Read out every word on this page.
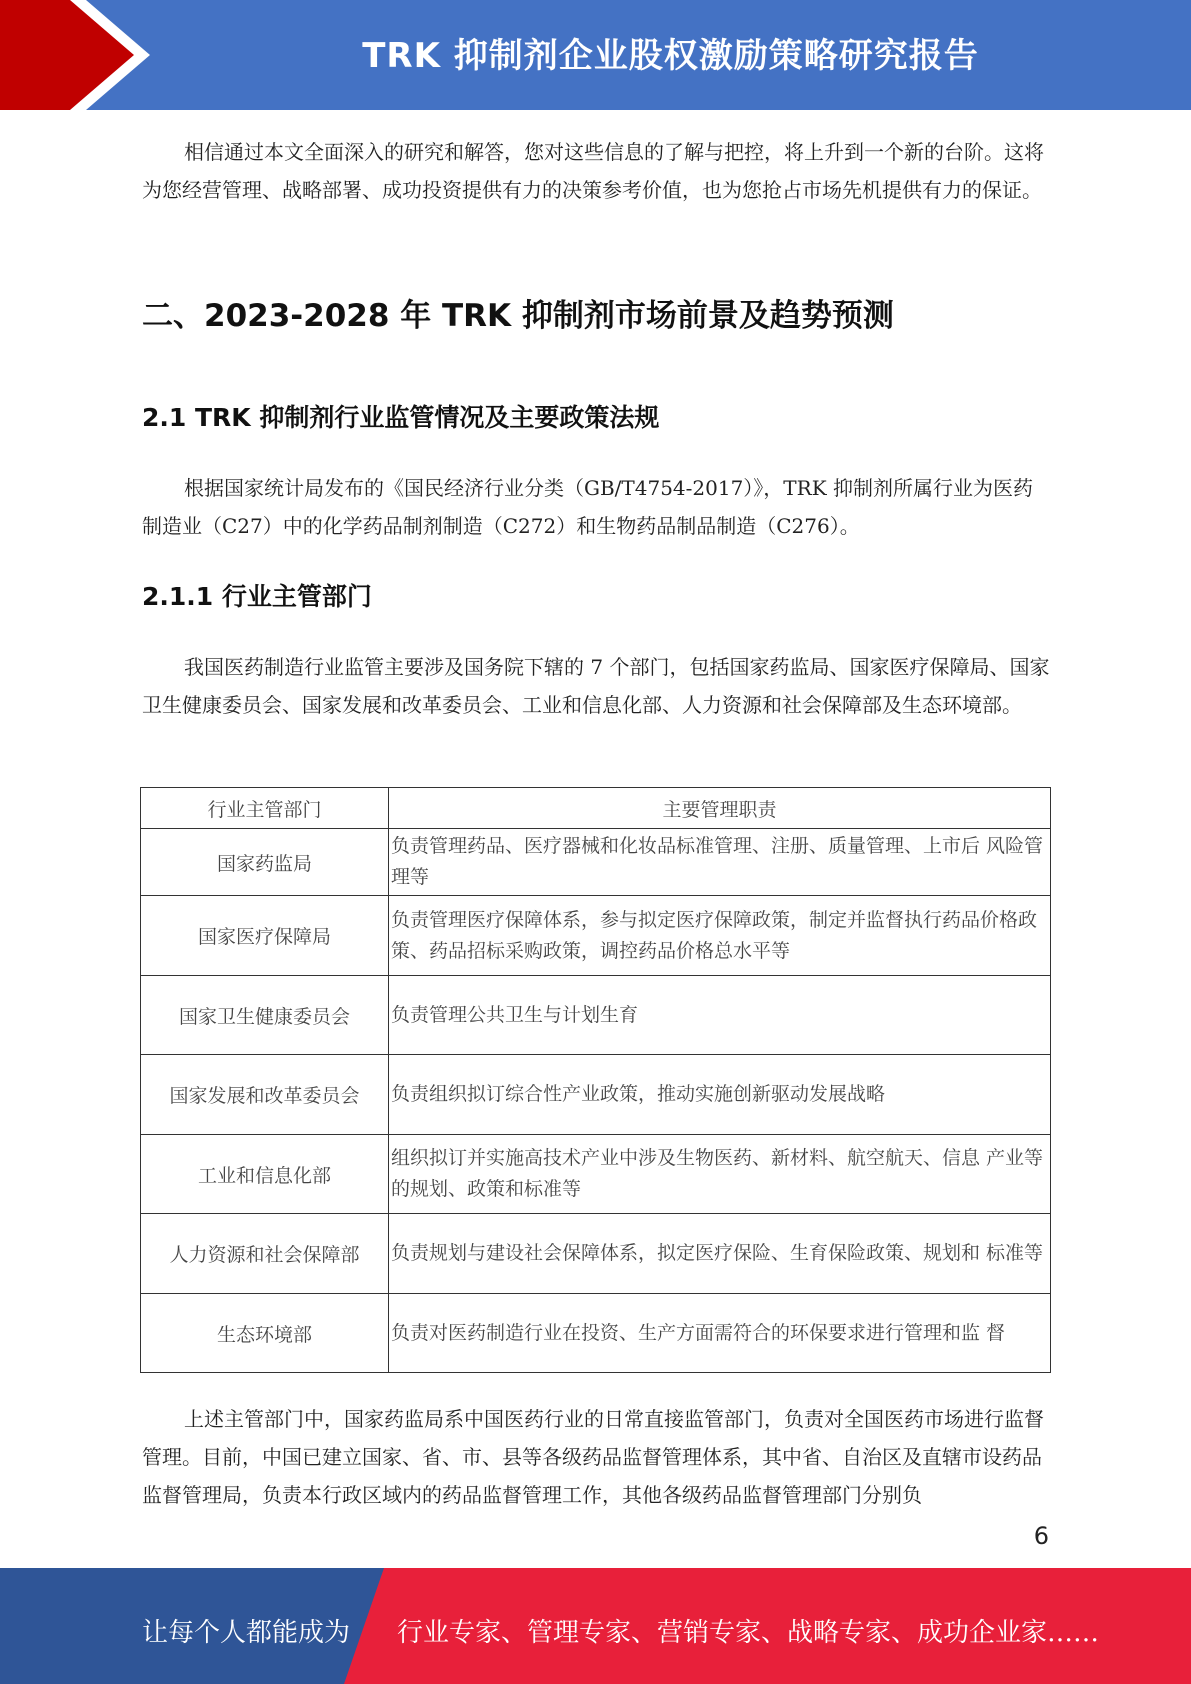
TRK 抑制剂企业股权激励策略研究报告

相信通过本文全面深入的研究和解答，您对这些信息的了解与把控，将上升到一个新的台阶。这将为您经营管理、战略部署、成功投资提供有力的决策参考价值，也为您抢占市场先机提供有力的保证。

二、2023-2028 年 TRK 抑制剂市场前景及趋势预测
2.1 TRK 抑制剂行业监管情况及主要政策法规

根据国家统计局发布的《国民经济行业分类（GB/T4754-2017）》，TRK 抑制剂所属行业为医药制造业（C27）中的化学药品制剂制造（C272）和生物药品制品制造（C276）。

2.1.1 行业主管部门

我国医药制造行业监管主要涉及国务院下辖的 7 个部门，包括国家药监局、国家医疗保障局、国家卫生健康委员会、国家发展和改革委员会、工业和信息化部、人力资源和社会保障部及生态环境部。

行业主管部门	主要管理职责
国家药监局	负责管理药品、医疗器械和化妆品标准管理、注册、质量管理、上市后 风险管理等
国家医疗保障局	负责管理医疗保障体系，参与拟定医疗保障政策，制定并监督执行药品价格政策、药品招标采购政策，调控药品价格总水平等
国家卫生健康委员会	负责管理公共卫生与计划生育
国家发展和改革委员会	负责组织拟订综合性产业政策，推动实施创新驱动发展战略
工业和信息化部	组织拟订并实施高技术产业中涉及生物医药、新材料、航空航天、信息 产业等的规划、政策和标准等
人力资源和社会保障部	负责规划与建设社会保障体系，拟定医疗保险、生育保险政策、规划和 标准等
生态环境部	负责对医药制造行业在投资、生产方面需符合的环保要求进行管理和监 督

上述主管部门中，国家药监局系中国医药行业的日常直接监管部门，负责对全国医药市场进行监督管理。目前，中国已建立国家、省、市、县等各级药品监督管理体系，其中省、自治区及直辖市设药品监督管理局，负责本行政区域内的药品监督管理工作，其他各级药品监督管理部门分别负

6
让每个人都能成为 行业专家、管理专家、营销专家、战略专家、成功企业家……
